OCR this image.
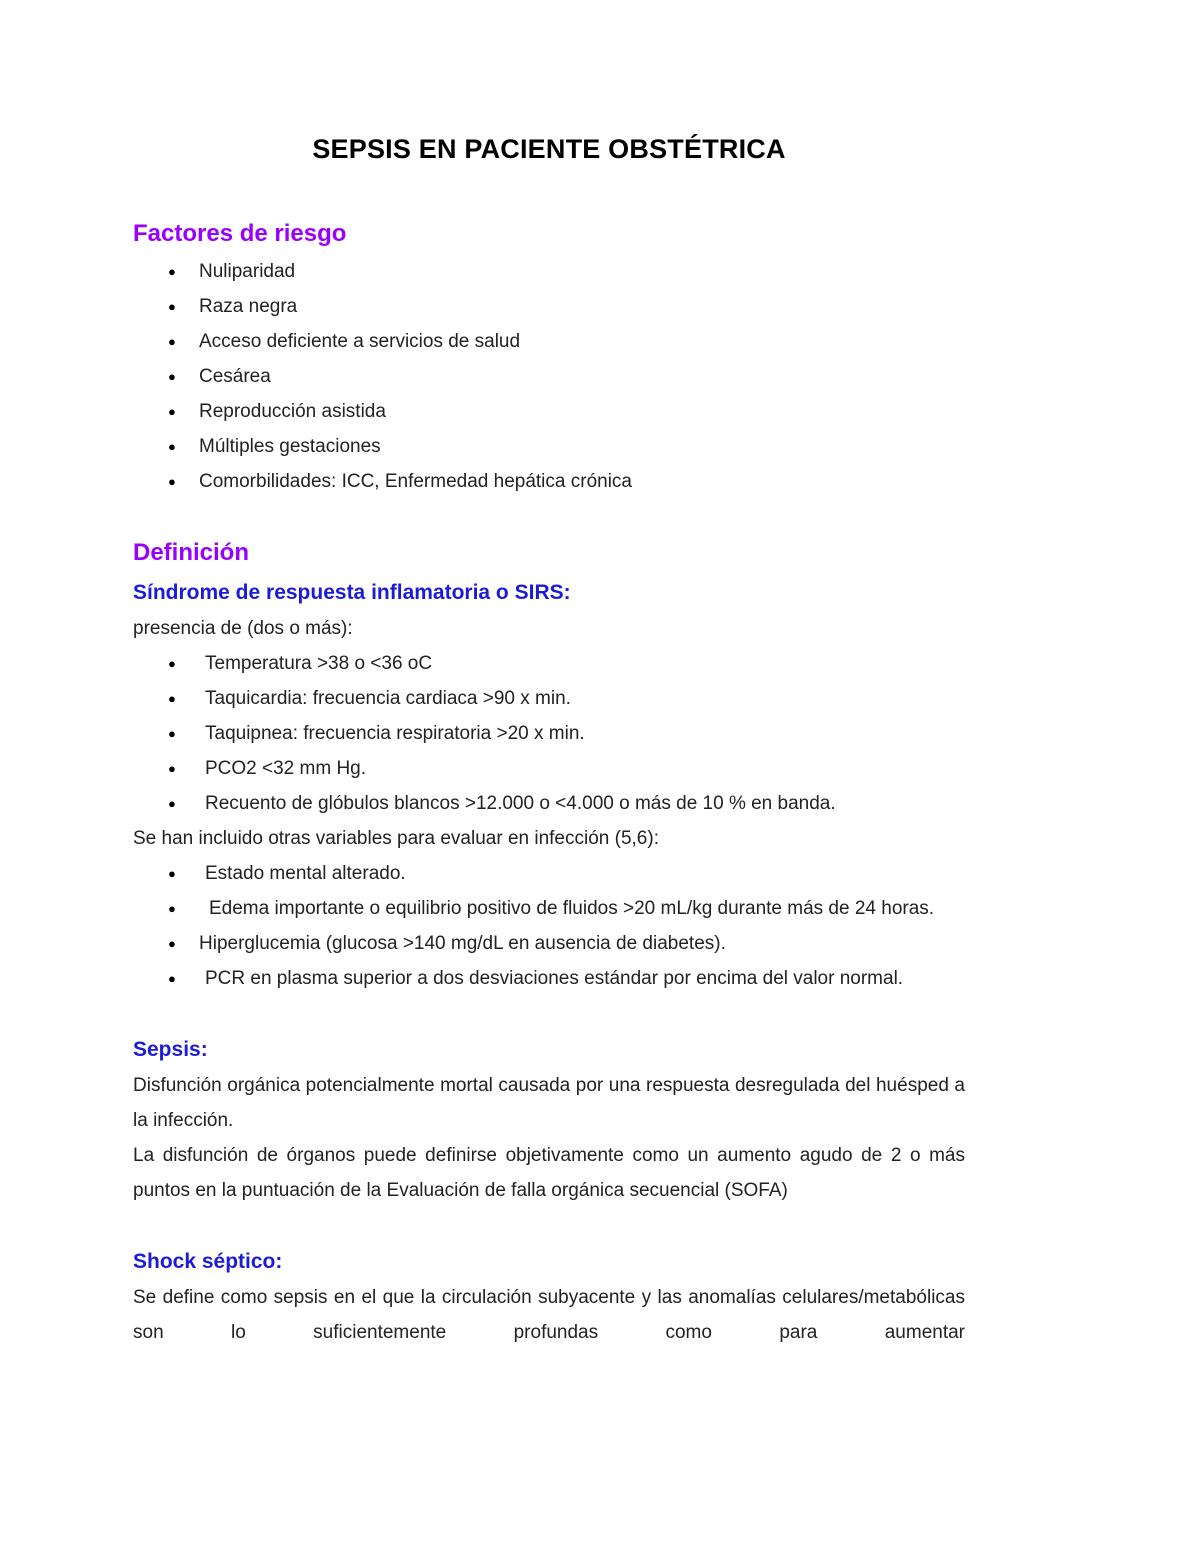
SEPSIS EN PACIENTE OBSTÉTRICA
Factores de riesgo
● Nuliparidad
● Raza negra
● Acceso deficiente a servicios de salud
● Cesárea
● Reproducción asistida
● Múltiples gestaciones
● Comorbilidades: ICC, Enfermedad hepática crónica
Definición
Síndrome de respuesta inflamatoria o SIRS:

presencia de (dos o más):

● Temperatura >38 o <36 oC
● Taquicardia: frecuencia cardiaca >90 x min.
● Taquipnea: frecuencia respiratoria >20 x min.
● PCO2 <32 mm Hg.
● Recuento de glóbulos blancos >12.000 o <4.000 o más de 10 % en banda.

Se han incluido otras variables para evaluar en infección (5,6):

● Estado mental alterado.
● Edema importante o equilibrio positivo de fluidos >20 mL/kg durante más de 24 horas.
● Hiperglucemia (glucosa >140 mg/dL en ausencia de diabetes).
● PCR en plasma superior a dos desviaciones estándar por encima del valor normal.
Sepsis:

Disfunción orgánica potencialmente mortal causada por una respuesta desregulada del huésped a la infección.

La disfunción de órganos puede definirse objetivamente como un aumento agudo de 2 o más puntos en la puntuación de la Evaluación de falla orgánica secuencial (SOFA)

Shock séptico:

Se define como sepsis en el que la circulación subyacente y las anomalías celulares/metabólicas son lo suficientemente profundas como para aumentar
